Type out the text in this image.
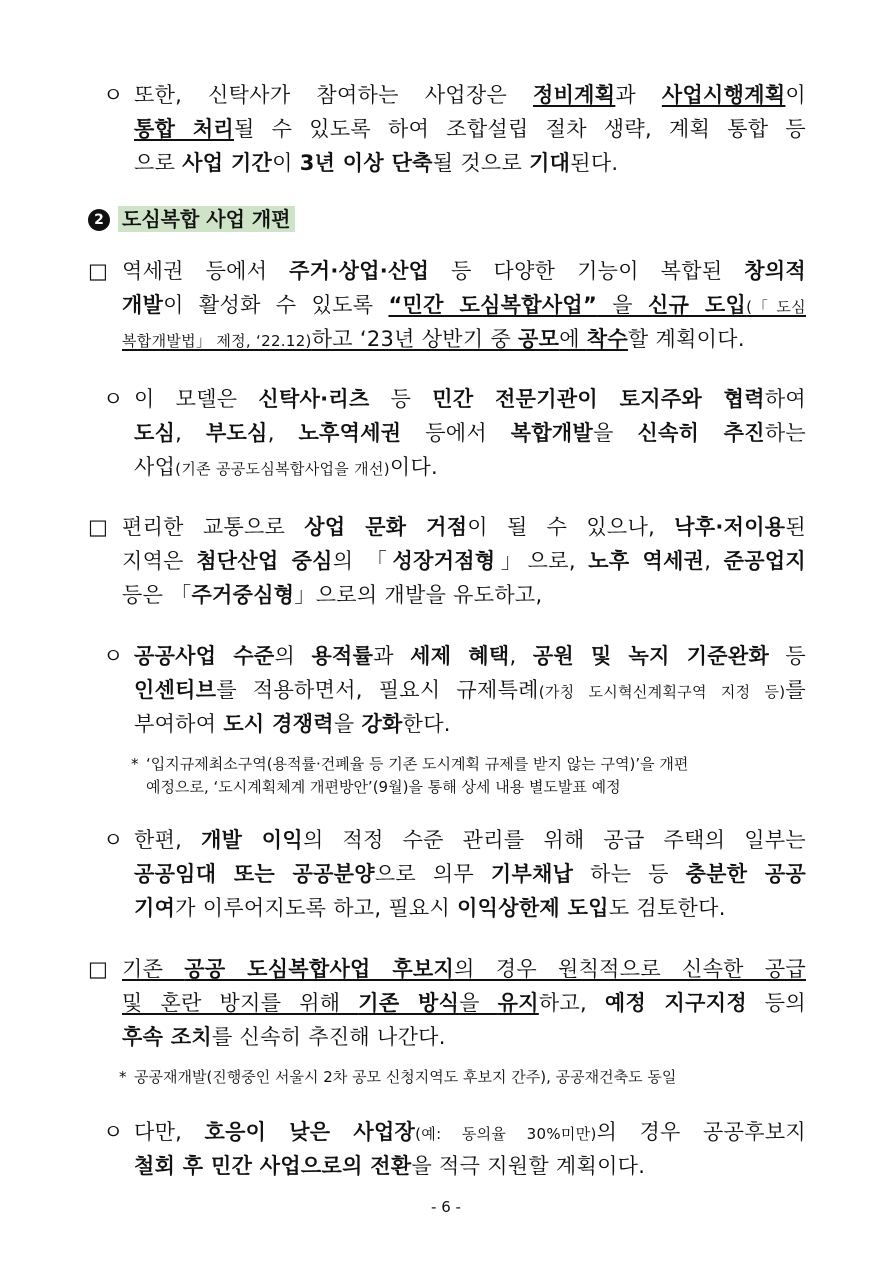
ㅇ 또한, 신탁사가 참여하는 사업장은 정비계획과 사업시행계획이
통합 처리될 수 있도록 하여 조합설립 절차 생략, 계획 통합 등
으로 사업 기간이 3년 이상 단축될 것으로 기대된다.
2 도심복합 사업 개편
□ 역세권 등에서 주거·상업·산업 등 다양한 기능이 복합된 창의적
개발이 활성화 수 있도록 “민간 도심복합사업” 을 신규 도입(「도심
복합개발법」 제정, ‘22.12)하고 ‘23년 상반기 중 공모에 착수할 계획이다.
ㅇ 이 모델은 신탁사·리츠 등 민간 전문기관이 토지주와 협력하여
도심, 부도심, 노후역세권 등에서 복합개발을 신속히 추진하는
사업(기존 공공도심복합사업을 개선)이다.
□ 편리한 교통으로 상업 문화 거점이 될 수 있으나, 낙후·저이용된
지역은 첨단산업 중심의 「성장거점형」으로, 노후 역세권, 준공업지
등은 「주거중심형」으로의 개발을 유도하고,
ㅇ 공공사업 수준의 용적률과 세제 혜택, 공원 및 녹지 기준완화 등
인센티브를 적용하면서, 필요시 규제특례(가칭 도시혁신계획구역 지정 등)를
부여하여 도시 경쟁력을 강화한다.
* ‘입지규제최소구역(용적률·건폐율 등 기존 도시계획 규제를 받지 않는 구역)’을 개편
예정으로, ‘도시계획체계 개편방안’(9월)을 통해 상세 내용 별도발표 예정
ㅇ 한편, 개발 이익의 적정 수준 관리를 위해 공급 주택의 일부는
공공임대 또는 공공분양으로 의무 기부채납 하는 등 충분한 공공
기여가 이루어지도록 하고, 필요시 이익상한제 도입도 검토한다.
□ 기존 공공 도심복합사업 후보지의 경우 원칙적으로 신속한 공급
및 혼란 방지를 위해 기존 방식을 유지하고, 예정 지구지정 등의
후속 조치를 신속히 추진해 나간다.
* 공공재개발(진행중인 서울시 2차 공모 신청지역도 후보지 간주), 공공재건축도 동일
ㅇ 다만, 호응이 낮은 사업장(예: 동의율 30%미만)의 경우 공공후보지
철회 후 민간 사업으로의 전환을 적극 지원할 계획이다.
- 6 -
